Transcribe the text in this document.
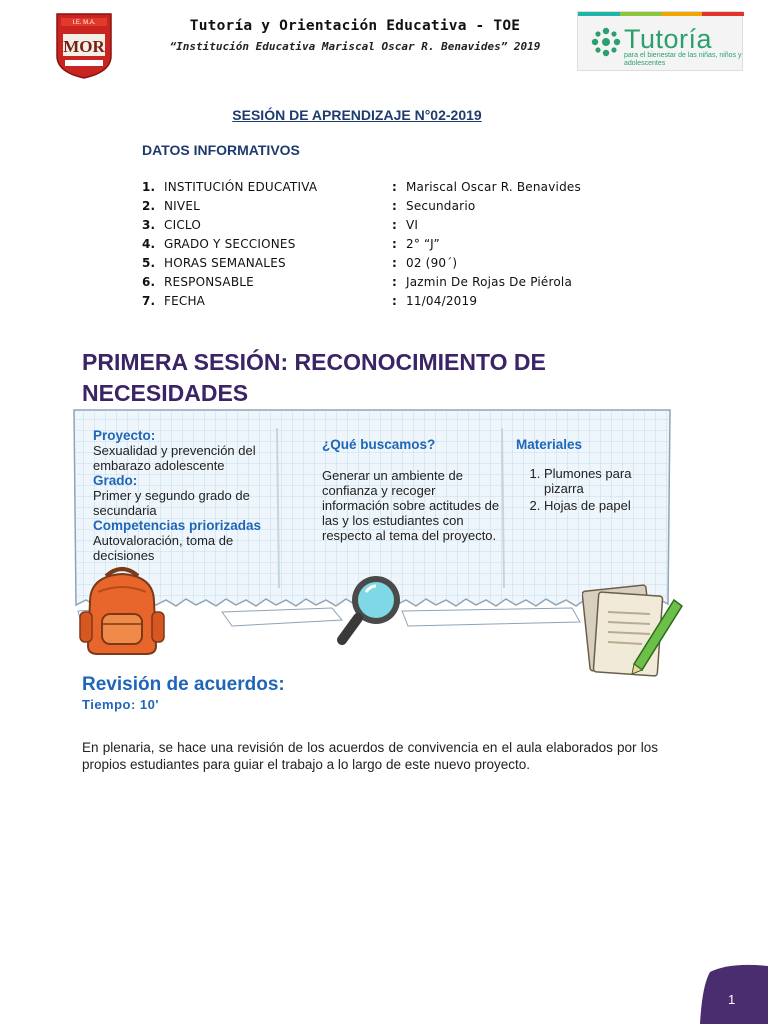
MOR
I.E. M.A.	Tutoría y Orientación Educativa - TOE
“Institución Educativa Mariscal Oscar R. Benavides” 2019	Tutoría
para el bienestar de las niñas, niños y adolescentes
SESIÓN DE APRENDIZAJE N°02-2019
DATOS INFORMATIVOS
1. INSTITUCIÓN EDUCATIVA	: Mariscal Oscar R. Benavides
2. NIVEL	: Secundario
3. CICLO	: VI
4. GRADO Y SECCIONES	: 2° “J”
5. HORAS SEMANALES	: 02 (90´)
6. RESPONSABLE	: Jazmin De Rojas De Piérola
7. FECHA	: 11/04/2019
PRIMERA SESIÓN: RECONOCIMIENTO DE NECESIDADES
Proyecto:
Sexualidad y prevención del embarazo adolescente
Grado:
Primer y segundo grado de secundaria
Competencias priorizadas
Autovaloración, toma de decisiones
¿Qué buscamos?
Generar un ambiente de confianza y recoger información sobre actitudes de las y los estudiantes con respecto al tema del proyecto.
Materiales
1. Plumones para pizarra
2. Hojas de papel
Revisión de acuerdos:
Tiempo: 10'
En plenaria, se hace una revisión de los acuerdos de convivencia en el aula elaborados por los propios estudiantes para guiar el trabajo a lo largo de este nuevo proyecto.
1
